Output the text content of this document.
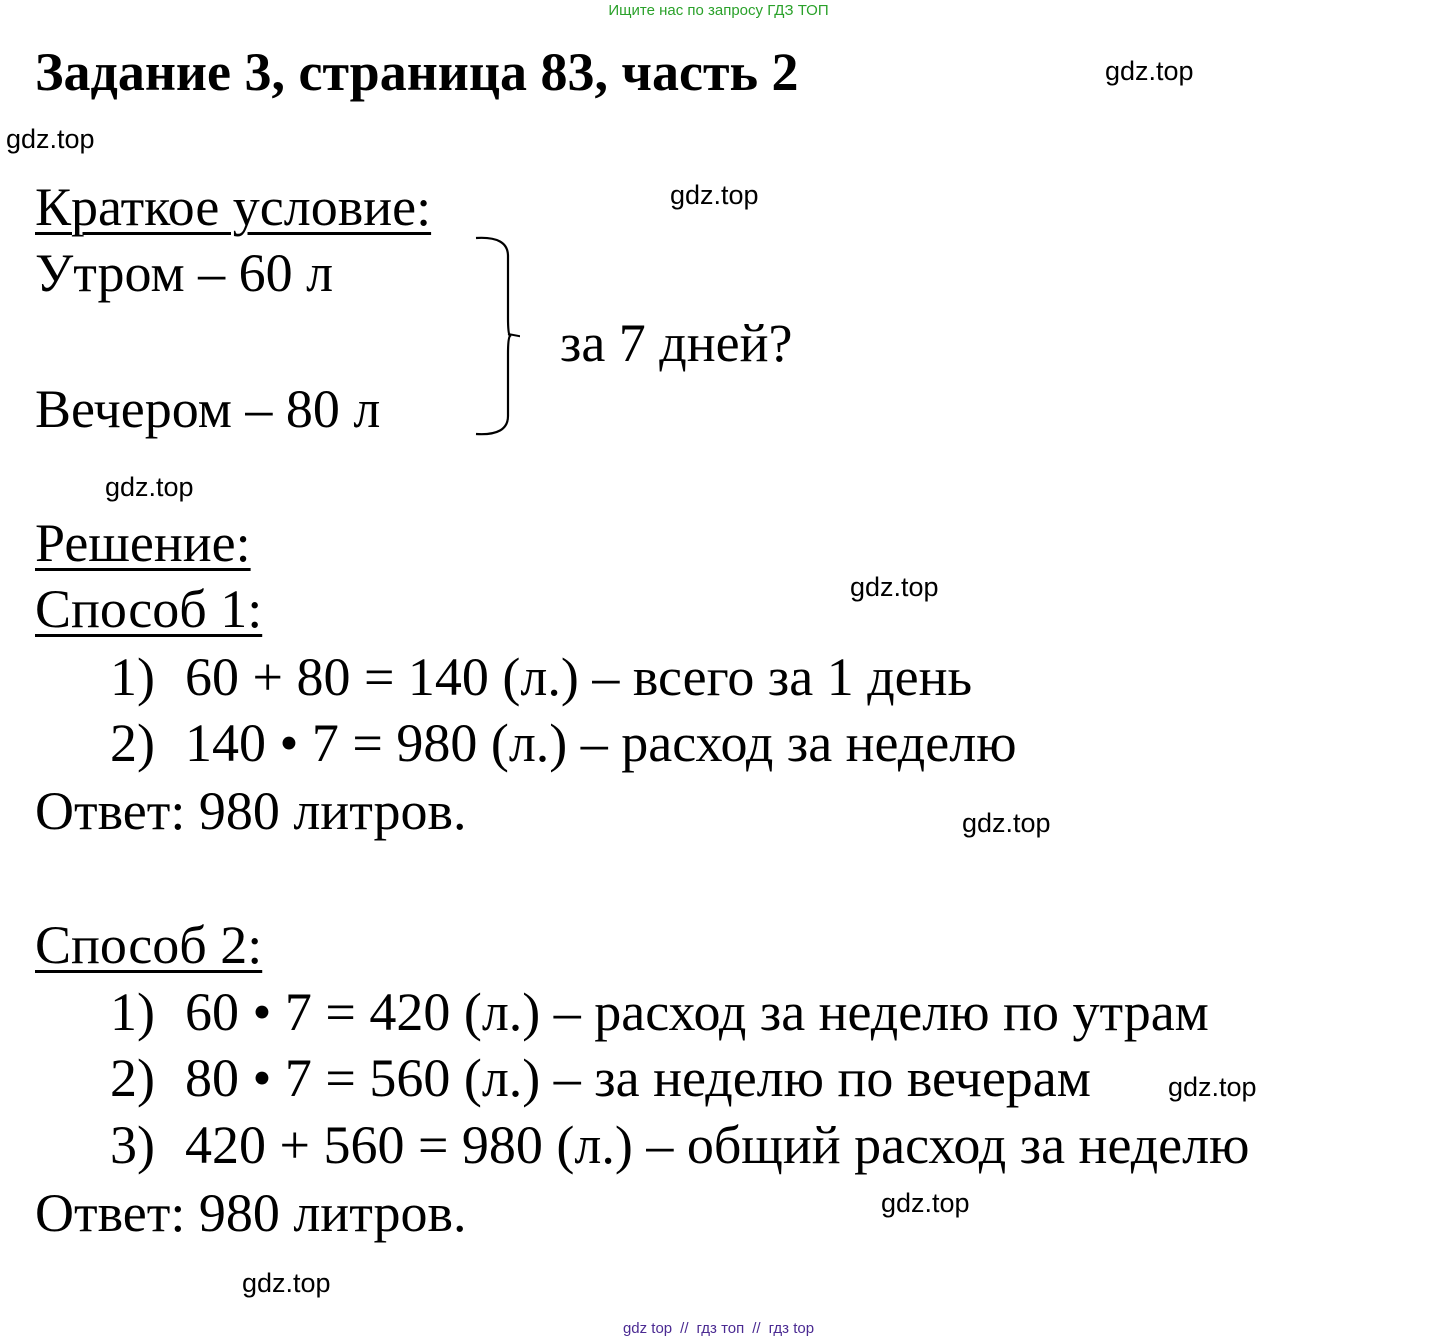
Ищите нас по запросу ГДЗ ТОП
Задание 3, страница 83, часть 2	gdz.top
gdz.top
gdz.top
gdz.top
gdz.top
gdz.top
gdz.top
gdz.top
gdz.top
Краткое условие:
Утром – 60 л
Вечером – 80 л
за 7 дней?
Решение:
Способ 1:
1) 60 + 80 = 140 (л.) – всего за 1 день
2) 140 • 7 = 980 (л.) – расход за неделю
Ответ: 980 литров.
Способ 2:
1) 60 • 7 = 420 (л.) – расход за неделю по утрам
2) 80 • 7 = 560 (л.) – за неделю по вечерам
3) 420 + 560 = 980 (л.) – общий расход за неделю
Ответ: 980 литров.
gdz top // гдз топ // гдз top
